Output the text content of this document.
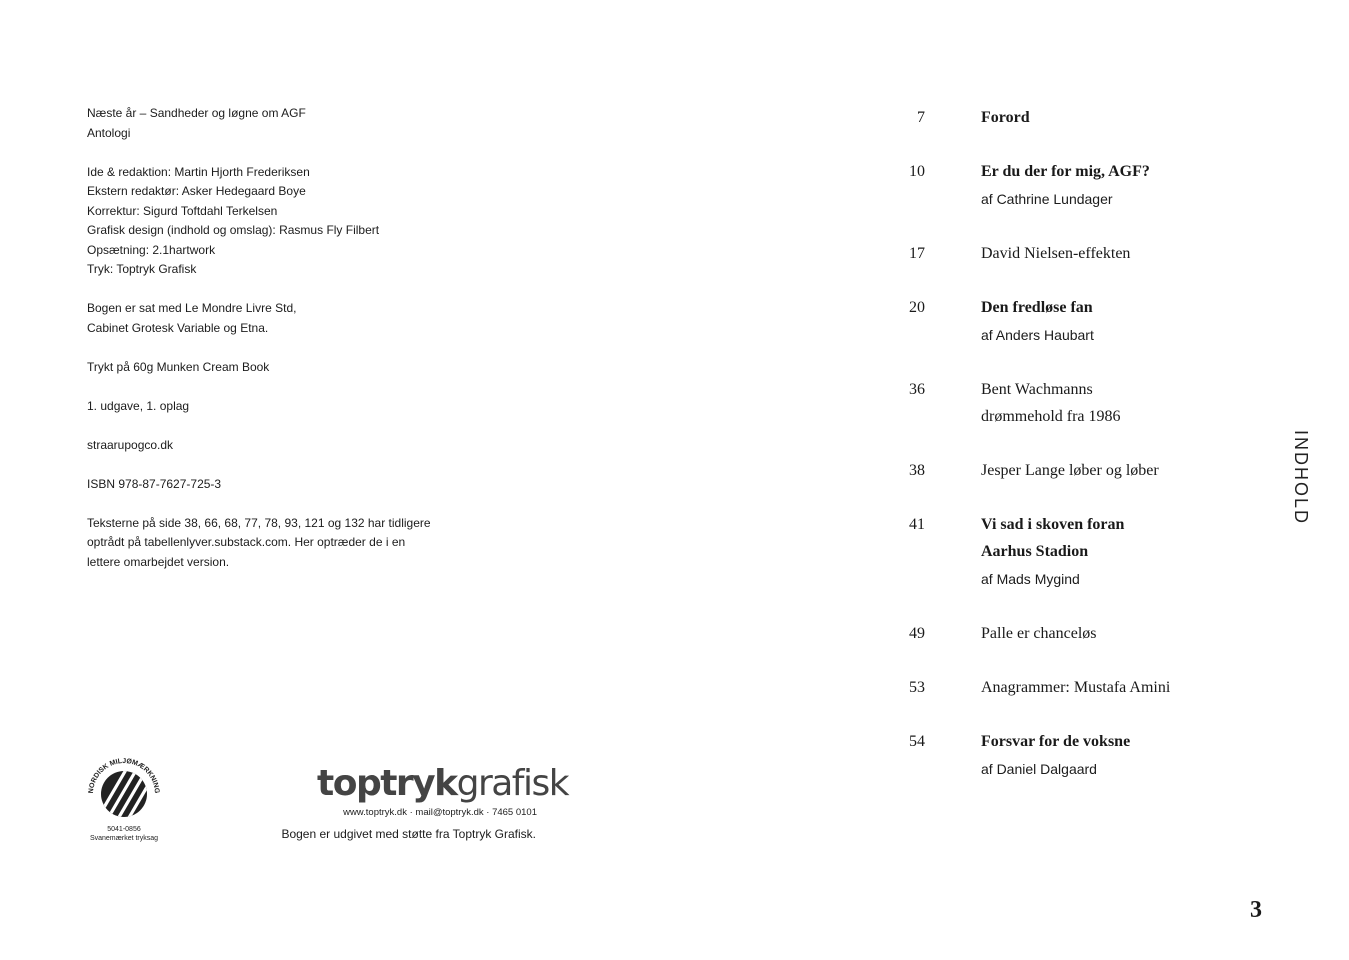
Næste år – Sandheder og løgne om AGF
Antologi
Ide & redaktion: Martin Hjorth Frederiksen
Ekstern redaktør: Asker Hedegaard Boye
Korrektur: Sigurd Toftdahl Terkelsen
Grafisk design (indhold og omslag): Rasmus Fly Filbert
Opsætning: 2.1hartwork
Tryk: Toptryk Grafisk
Bogen er sat med Le Mondre Livre Std,
Cabinet Grotesk Variable og Etna.
Trykt på 60g Munken Cream Book
1. udgave, 1. oplag
straarupogco.dk
ISBN 978-87-7627-725-3
Teksterne på side 38, 66, 68, 77, 78, 93, 121 og 132 har tidligere
optrådt på tabellenlyver.substack.com. Her optræder de i en
lettere omarbejdet version.
NORDISK MILJØMÆRKNING
5041-0856
Svanemærket tryksag
toptrykgrafisk
www.toptryk.dk · mail@toptryk.dk · 7465 0101
Bogen er udgivet med støtte fra Toptryk Grafisk.
7	Forord
10	Er du der for mig, AGF?
af Cathrine Lundager
17	David Nielsen-effekten
20	Den fredløse fan
af Anders Haubart
36	Bent Wachmanns
drømmehold fra 1986
38	Jesper Lange løber og løber
41	Vi sad i skoven foran
Aarhus Stadion
af Mads Mygind
49	Palle er chanceløs
53	Anagrammer: Mustafa Amini
54	Forsvar for de voksne
af Daniel Dalgaard
INDHOLD
3
